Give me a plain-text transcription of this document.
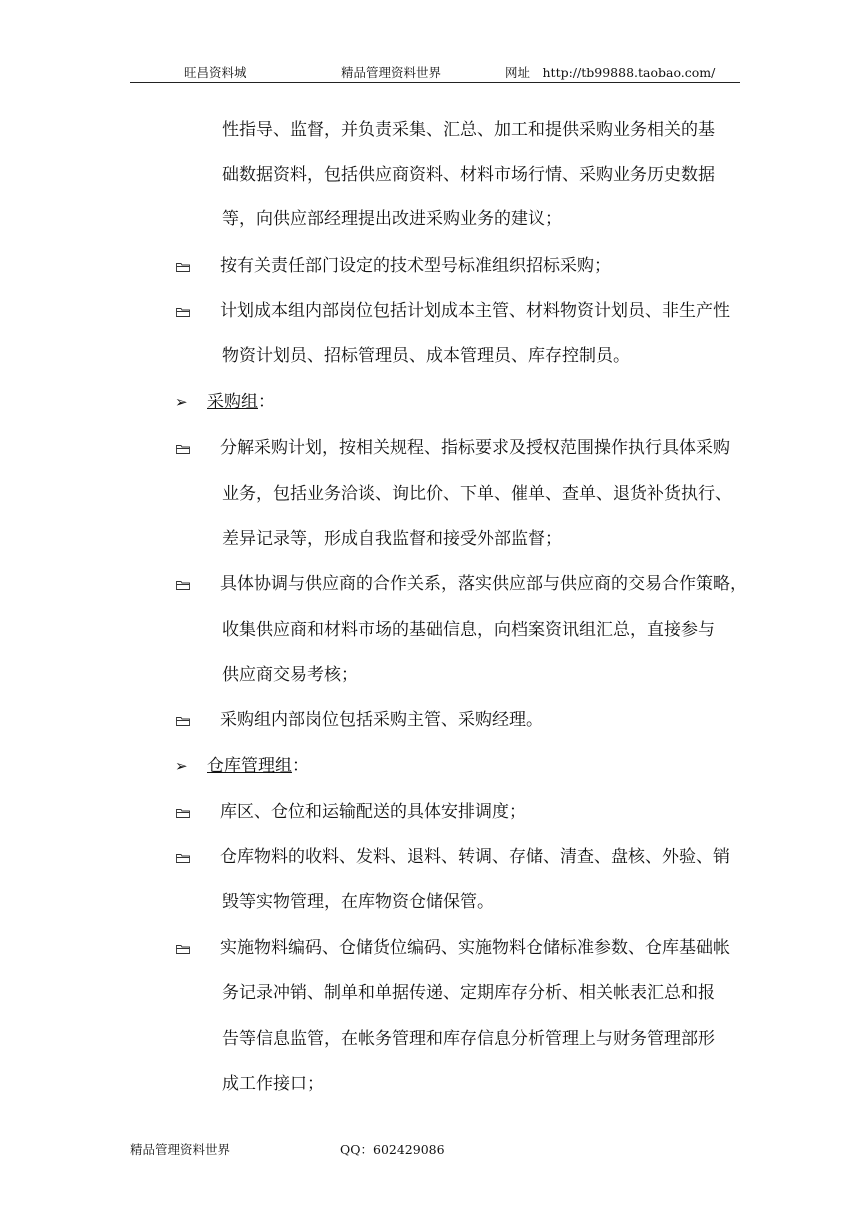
旺昌资料城	精品管理资料世界	网址　http://tb99888.taobao.com/
性指导、监督，并负责采集、汇总、加工和提供采购业务相关的基
础数据资料，包括供应商资料、材料市场行情、采购业务历史数据
等，向供应部经理提出改进采购业务的建议；
按有关责任部门设定的技术型号标准组织招标采购；
计划成本组内部岗位包括计划成本主管、材料物资计划员、非生产性
物资计划员、招标管理员、成本管理员、库存控制员。
➢ 采购组：
分解采购计划，按相关规程、指标要求及授权范围操作执行具体采购
业务，包括业务洽谈、询比价、下单、催单、查单、退货补货执行、
差异记录等，形成自我监督和接受外部监督；
具体协调与供应商的合作关系，落实供应部与供应商的交易合作策略，
收集供应商和材料市场的基础信息，向档案资讯组汇总，直接参与
供应商交易考核；
采购组内部岗位包括采购主管、采购经理。
➢ 仓库管理组：
库区、仓位和运输配送的具体安排调度；
仓库物料的收料、发料、退料、转调、存储、清查、盘核、外验、销
毁等实物管理，在库物资仓储保管。
实施物料编码、仓储货位编码、实施物料仓储标准参数、仓库基础帐
务记录冲销、制单和单据传递、定期库存分析、相关帐表汇总和报
告等信息监管，在帐务管理和库存信息分析管理上与财务管理部形
成工作接口；
精品管理资料世界	QQ：602429086
